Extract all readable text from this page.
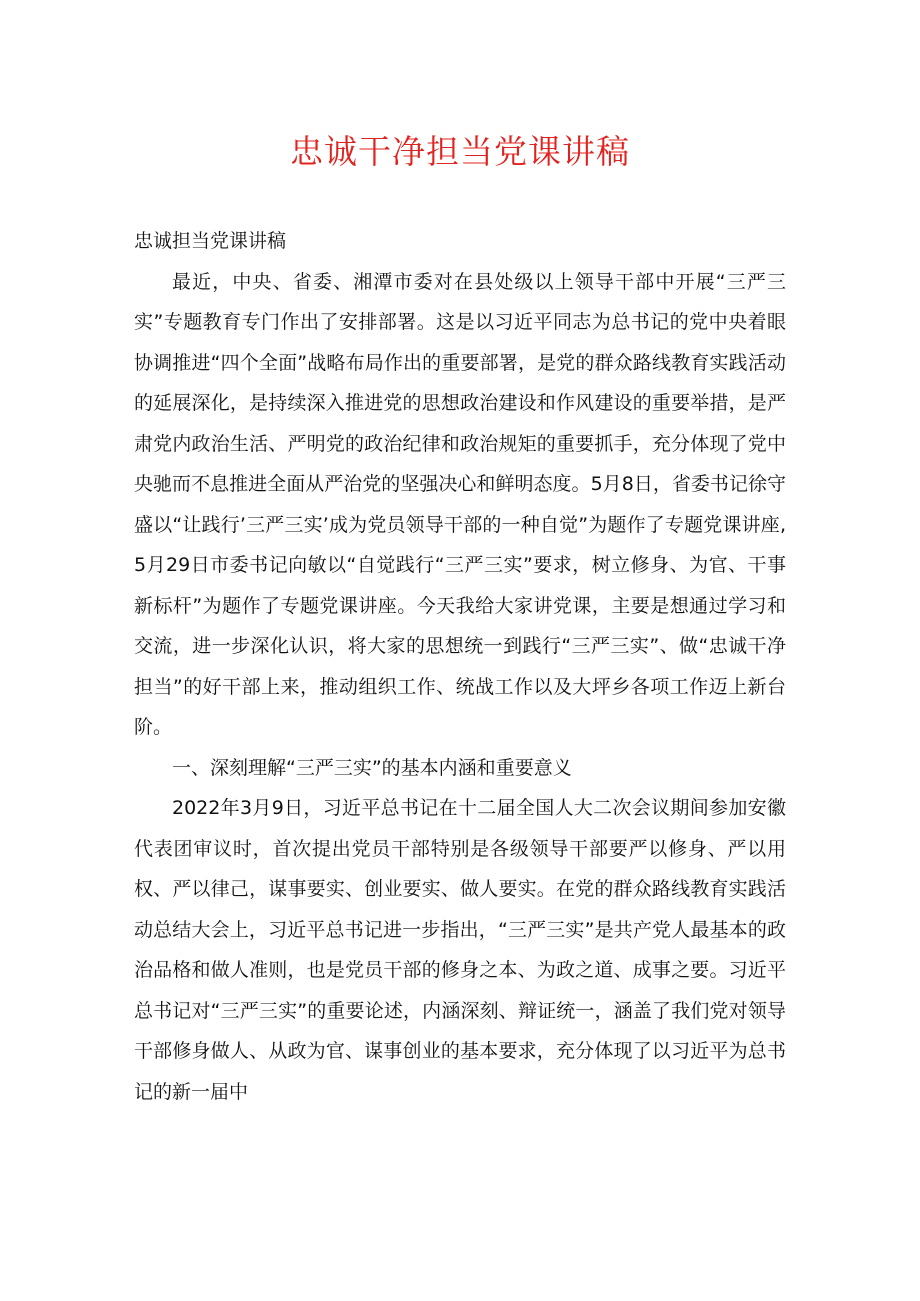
忠诚干净担当党课讲稿

忠诚担当党课讲稿

最近，中央、省委、湘潭市委对在县处级以上领导干部中开展“三严三实”专题教育专门作出了安排部署。这是以习近平同志为总书记的党中央着眼协调推进“四个全面”战略布局作出的重要部署，是党的群众路线教育实践活动的延展深化，是持续深入推进党的思想政治建设和作风建设的重要举措，是严肃党内政治生活、严明党的政治纪律和政治规矩的重要抓手，充分体现了党中央驰而不息推进全面从严治党的坚强决心和鲜明态度。5月8日，省委书记徐守盛以“让践行’三严三实’成为党员领导干部的一种自觉”为题作了专题党课讲座,5月29日市委书记向敏以“自觉践行“三严三实”要求，树立修身、为官、干事新标杆”为题作了专题党课讲座。今天我给大家讲党课，主要是想通过学习和交流，进一步深化认识，将大家的思想统一到践行“三严三实”、做“忠诚干净担当”的好干部上来，推动组织工作、统战工作以及大坪乡各项工作迈上新台阶。

一、深刻理解“三严三实”的基本内涵和重要意义

2022年3月9日，习近平总书记在十二届全国人大二次会议期间参加安徽代表团审议时，首次提出党员干部特别是各级领导干部要严以修身、严以用权、严以律己，谋事要实、创业要实、做人要实。在党的群众路线教育实践活动总结大会上，习近平总书记进一步指出，“三严三实”是共产党人最基本的政治品格和做人准则，也是党员干部的修身之本、为政之道、成事之要。习近平总书记对“三严三实”的重要论述，内涵深刻、辩证统一，涵盖了我们党对领导干部修身做人、从政为官、谋事创业的基本要求，充分体现了以习近平为总书记的新一届中
